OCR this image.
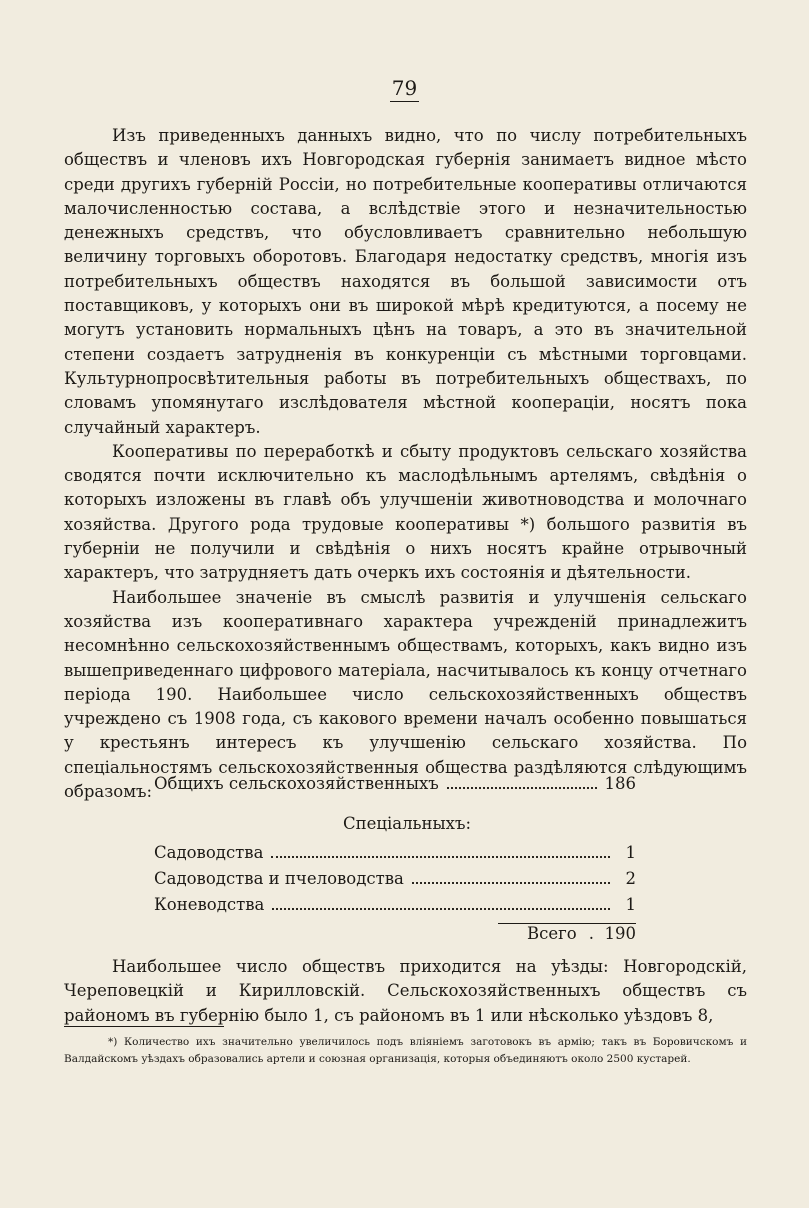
79

Изъ приведенныхъ данныхъ видно, что по числу потребительныхъ обществъ и членовъ ихъ Новгородская губернія занимаетъ видное мѣсто среди другихъ губерній Россіи, но потребительные кооперативы отличаются малочисленностью состава, а вслѣдствіе этого и незначительностью денежныхъ средствъ, что обусловливаетъ сравнительно небольшую величину торговыхъ оборотовъ. Благодаря недостатку средствъ, многія изъ потребительныхъ обществъ находятся въ большой зависимости отъ поставщиковъ, у которыхъ они въ широкой мѣрѣ кредитуются, а посему не могутъ установить нормальныхъ цѣнъ на товаръ, а это въ значительной степени создаетъ затрудненія въ конкуренціи съ мѣстными торговцами. Культурнопросвѣтительныя работы въ потребительныхъ обществахъ, по словамъ упомянутаго изслѣдователя мѣстной коопераціи, носятъ пока случайный характеръ.

Кооперативы по переработкѣ и сбыту продуктовъ сельскаго хозяйства сводятся почти исключительно къ маслодѣльнымъ артелямъ, свѣдѣнія о которыхъ изложены въ главѣ объ улучшеніи животноводства и молочнаго хозяйства. Другого рода трудовые кооперативы *) большого развитія въ губерніи не получили и свѣдѣнія о нихъ носятъ крайне отрывочный характеръ, что затрудняетъ дать очеркъ ихъ состоянія и дѣятельности.

Наибольшее значеніе въ смыслѣ развитія и улучшенія сельскаго хозяйства изъ кооперативнаго характера учрежденій принадлежитъ несомнѣнно сельскохозяйственнымъ обществамъ, которыхъ, какъ видно изъ вышеприведеннаго цифрового матеріала, насчитывалось къ концу отчетнаго періода 190. Наибольшее число сельскохозяйственныхъ обществъ учреждено съ 1908 года, съ какового времени началъ особенно повышаться у крестьянъ интересъ къ улучшенію сельскаго хозяйства. По спеціальностямъ сельскохозяйственныя общества раздѣляются слѣдующимъ образомъ: Общихъ сельскохозяйственныхъ	186
Спеціальныхъ:
Садоводства	1
Садоводства и пчеловодства	2
Коневодства	1
Всего . 190

Наибольшее число обществъ приходится на уѣзды: Новгородскій, Череповецкій и Кирилловскій. Сельскохозяйственныхъ обществъ съ райономъ въ губернію было 1, съ райономъ въ 1 или нѣсколько уѣздовъ 8,

*) Количество ихъ значительно увеличилось подъ вліяніемъ заготовокъ въ армію; такъ въ Боровичскомъ и Валдайскомъ уѣздахъ образовались артели и союзная организація, которыя объединяютъ около 2500 кустарей.
